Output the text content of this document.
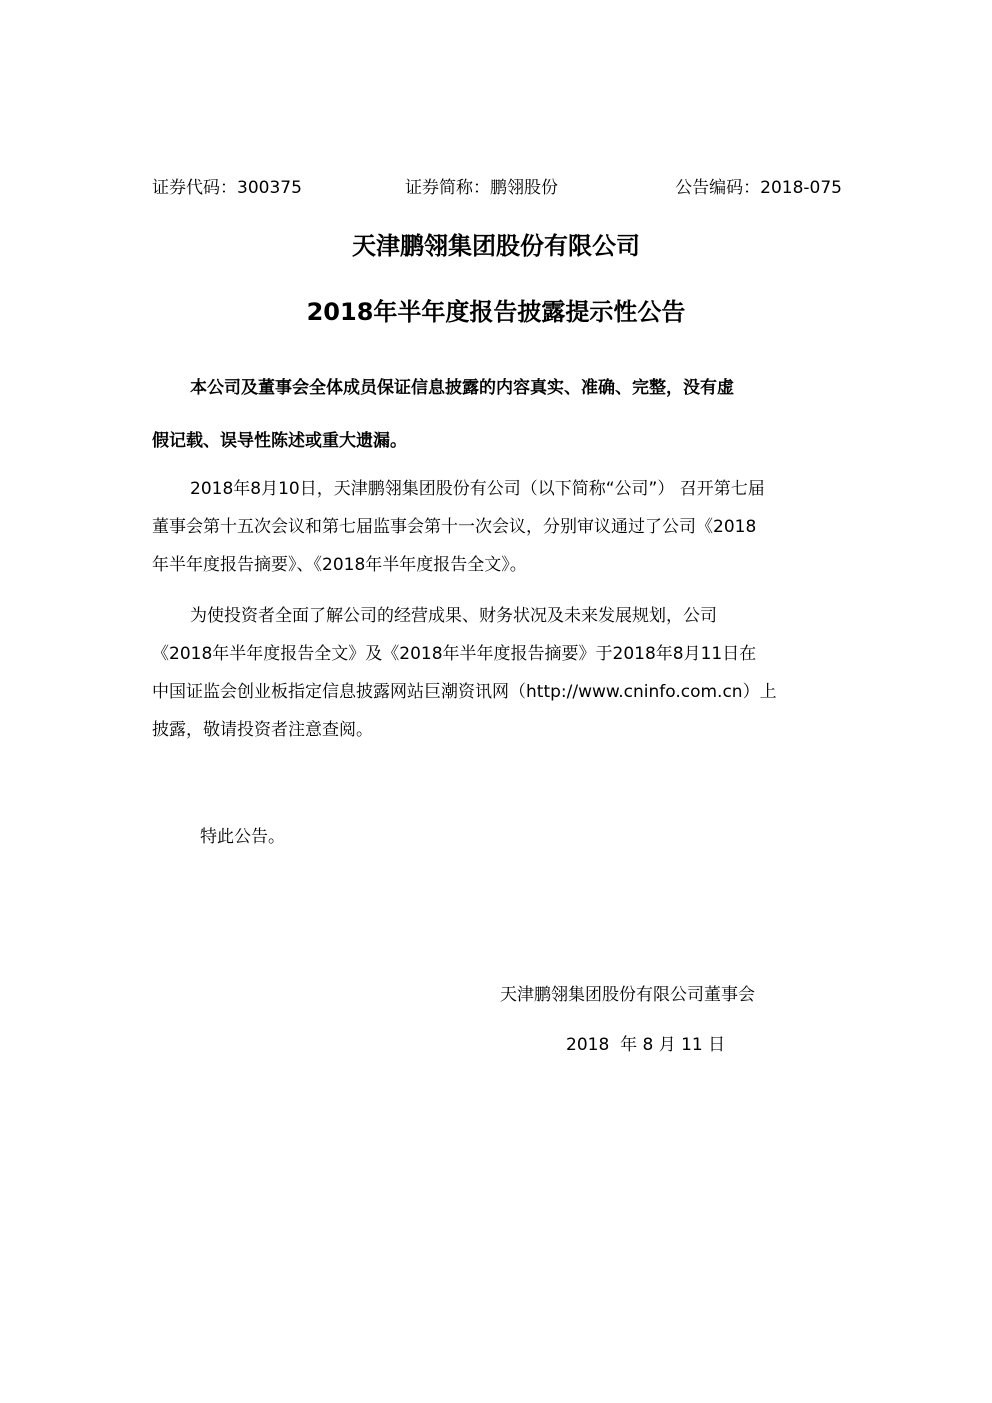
证券代码：300375	证券简称：鹏翎股份	公告编码：2018-075
天津鹏翎集团股份有限公司
2018年半年度报告披露提示性公告

本公司及董事会全体成员保证信息披露的内容真实、准确、完整，没有虚
假记载、误导性陈述或重大遗漏。

2018年8月10日，天津鹏翎集团股份有公司（以下简称“公司”） 召开第七届
董事会第十五次会议和第七届监事会第十一次会议，分别审议通过了公司《2018
年半年度报告摘要》、《2018年半年度报告全文》。

为使投资者全面了解公司的经营成果、财务状况及未来发展规划，公司
《2018年半年度报告全文》及《2018年半年度报告摘要》于2018年8月11日在
中国证监会创业板指定信息披露网站巨潮资讯网（http://www.cninfo.com.cn）上
披露，敬请投资者注意查阅。

特此公告。
天津鹏翎集团股份有限公司董事会
2018  年 8 月 11 日
